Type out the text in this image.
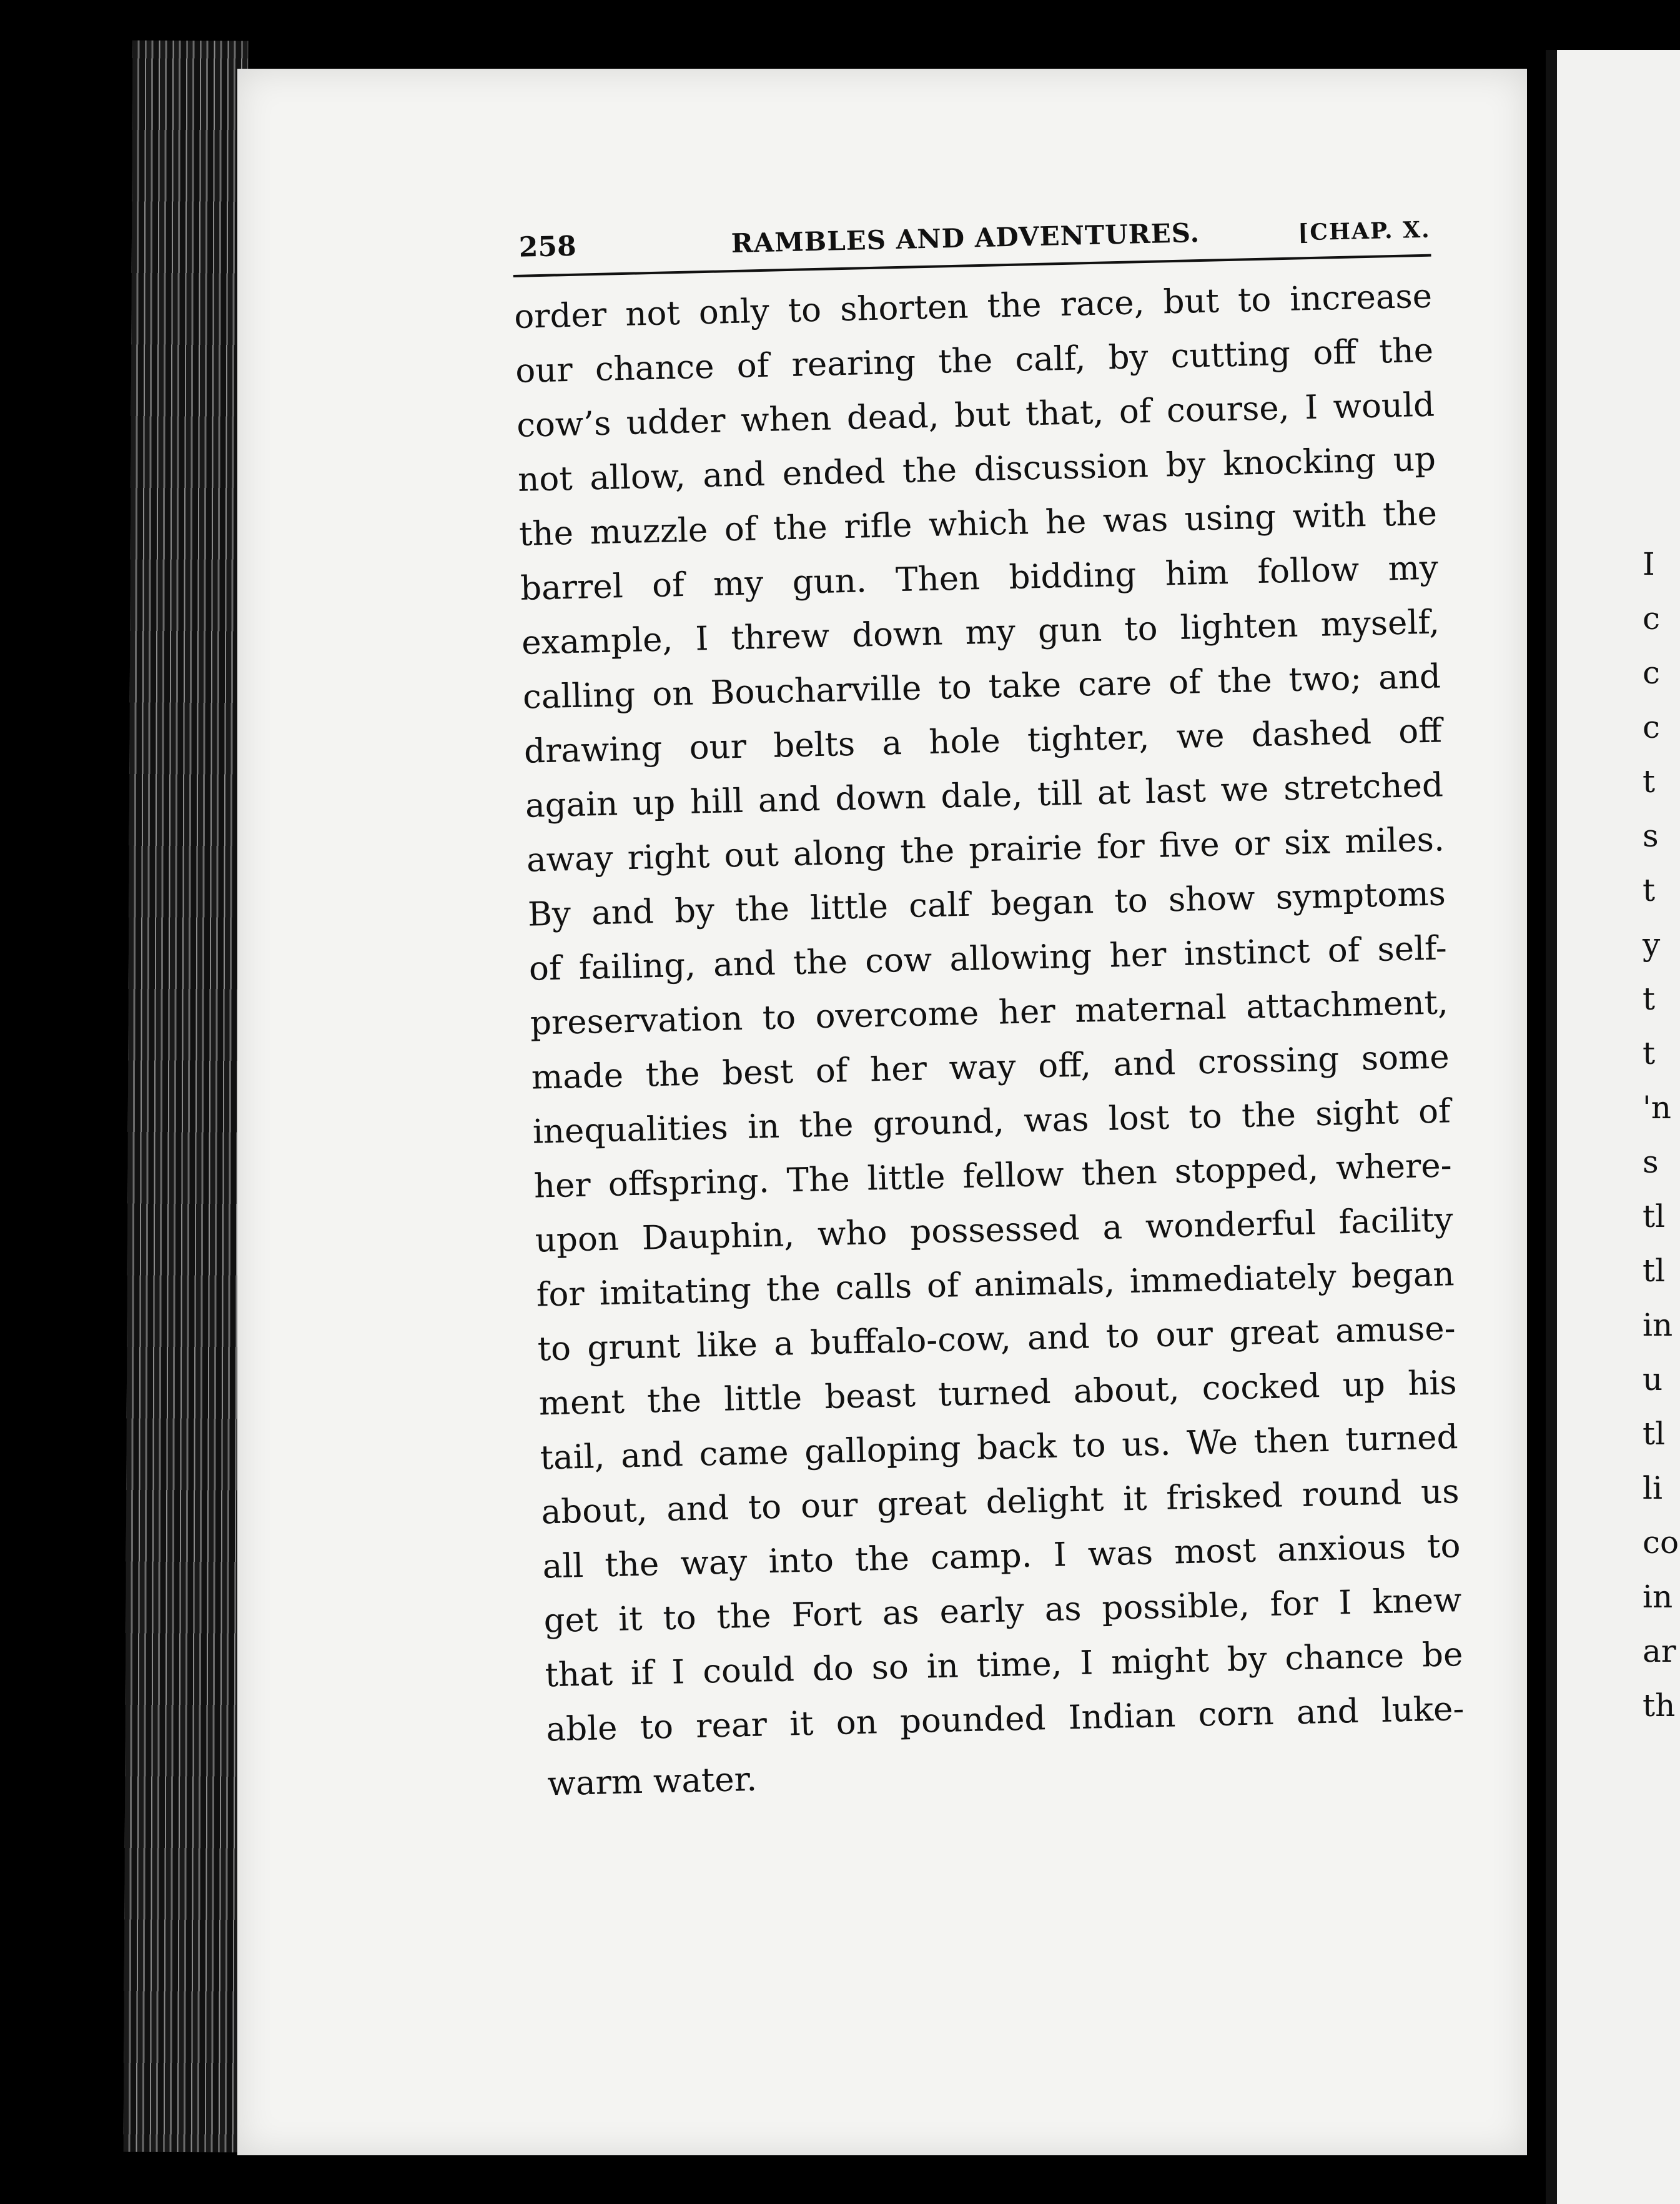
258	RAMBLES AND ADVENTURES.	[CHAP. X.
order not only to shorten the race, but to increase
our chance of rearing the calf, by cutting off the
cow’s udder when dead, but that, of course, I would
not allow, and ended the discussion by knocking up
the muzzle of the rifle which he was using with the
barrel of my gun. Then bidding him follow my
example, I threw down my gun to lighten myself,
calling on Boucharville to take care of the two; and
drawing our belts a hole tighter, we dashed off
again up hill and down dale, till at last we stretched
away right out along the prairie for five or six miles.
By and by the little calf began to show symptoms
of failing, and the cow allowing her instinct of self-
preservation to overcome her maternal attachment,
made the best of her way off, and crossing some
inequalities in the ground, was lost to the sight of
her offspring. The little fellow then stopped, where-
upon Dauphin, who possessed a wonderful facility
for imitating the calls of animals, immediately began
to grunt like a buffalo-cow, and to our great amuse-
ment the little beast turned about, cocked up his
tail, and came galloping back to us. We then turned
about, and to our great delight it frisked round us
all the way into the camp. I was most anxious to
get it to the Fort as early as possible, for I knew
that if I could do so in time, I might by chance be
able to rear it on pounded Indian corn and luke-
warm water.
I
c
c
c
t
s
t
y
t
t
'n
s
tl
tl
in
u
tl
li
co
in
ar
th
